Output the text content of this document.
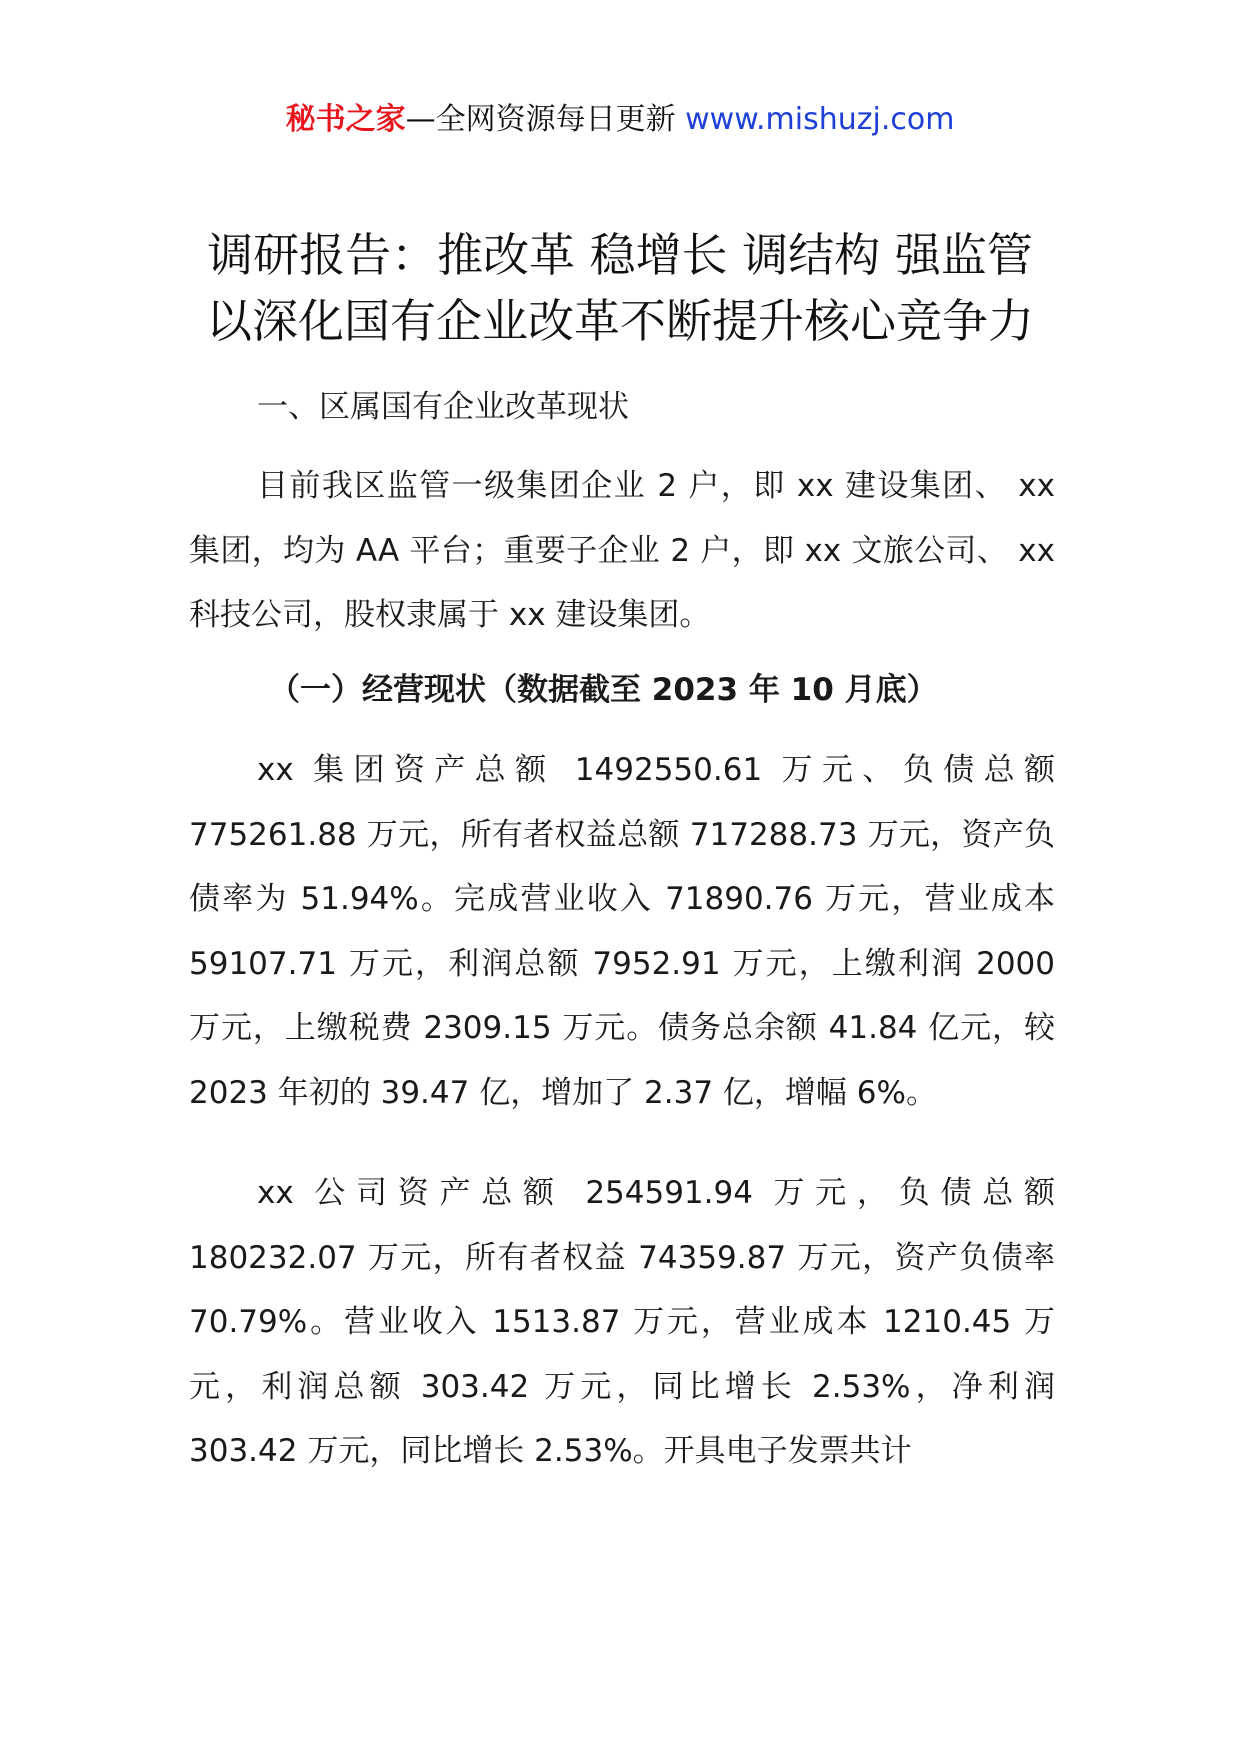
秘书之家—全网资源每日更新 www.mishuzj.com
调研报告：推改革 稳增长 调结构 强监管
以深化国有企业改革不断提升核心竞争力

一、区属国有企业改革现状

目前我区监管一级集团企业 2 户，即 xx 建设集团、 xx 集团，均为 AA 平台；重要子企业 2 户，即 xx 文旅公司、 xx 科技公司，股权隶属于 xx 建设集团。

（一）经营现状（数据截至 2023 年 10 月底）

xx 集团资产总额 1492550.61 万元、负债总额 775261.88 万元，所有者权益总额 717288.73 万元，资产负债率为 51.94%。完成营业收入 71890.76 万元，营业成本 59107.71 万元，利润总额 7952.91 万元，上缴利润 2000 万元，上缴税费 2309.15 万元。债务总余额 41.84 亿元，较 2023 年初的 39.47 亿，增加了 2.37 亿，增幅 6%。

xx 公司资产总额 254591.94 万元，负债总额 180232.07 万元，所有者权益 74359.87 万元，资产负债率 70.79%。营业收入 1513.87 万元，营业成本 1210.45 万元，利润总额 303.42 万元，同比增长 2.53%，净利润 303.42 万元，同比增长 2.53%。开具电子发票共计
